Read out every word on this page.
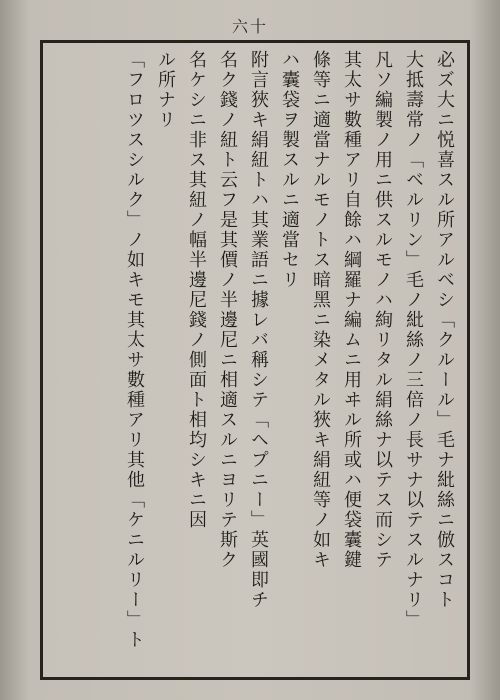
六十
必ズ大ニ悦喜スル所アルベシ「クルール」毛ナ紕絲ニ倣スコト
大抵壽常ノ「ベルリン」毛ノ紕絲ノ三倍ノ長サナ以テスルナリ」
凡ソ編製ノ用ニ供スルモノハ絢リタル絹絲ナ以テス而シテ
其太サ數種アリ自餘ハ綱羅ナ編ムニ用ヰル所或ハ便袋囊鍵
條等ニ適當ナルモノトス暗黑ニ染メタル狹キ絹紐等ノ如キ
ハ囊袋ヲ製スルニ適當セリ
附言狹キ絹紐トハ其業語ニ據レバ稱シテ「ヘプニー」英國即チ
名ク錢ノ紐ト云フ是其價ノ半邊尼ニ相適スルニヨリテ斯ク
名ケシニ非ス其紐ノ幅半邊尼錢ノ側面ト相均シキニ因
ル所ナリ
「フロツスシルク」ノ如キモ其太サ數種アリ其他「ケニルリー」ト
